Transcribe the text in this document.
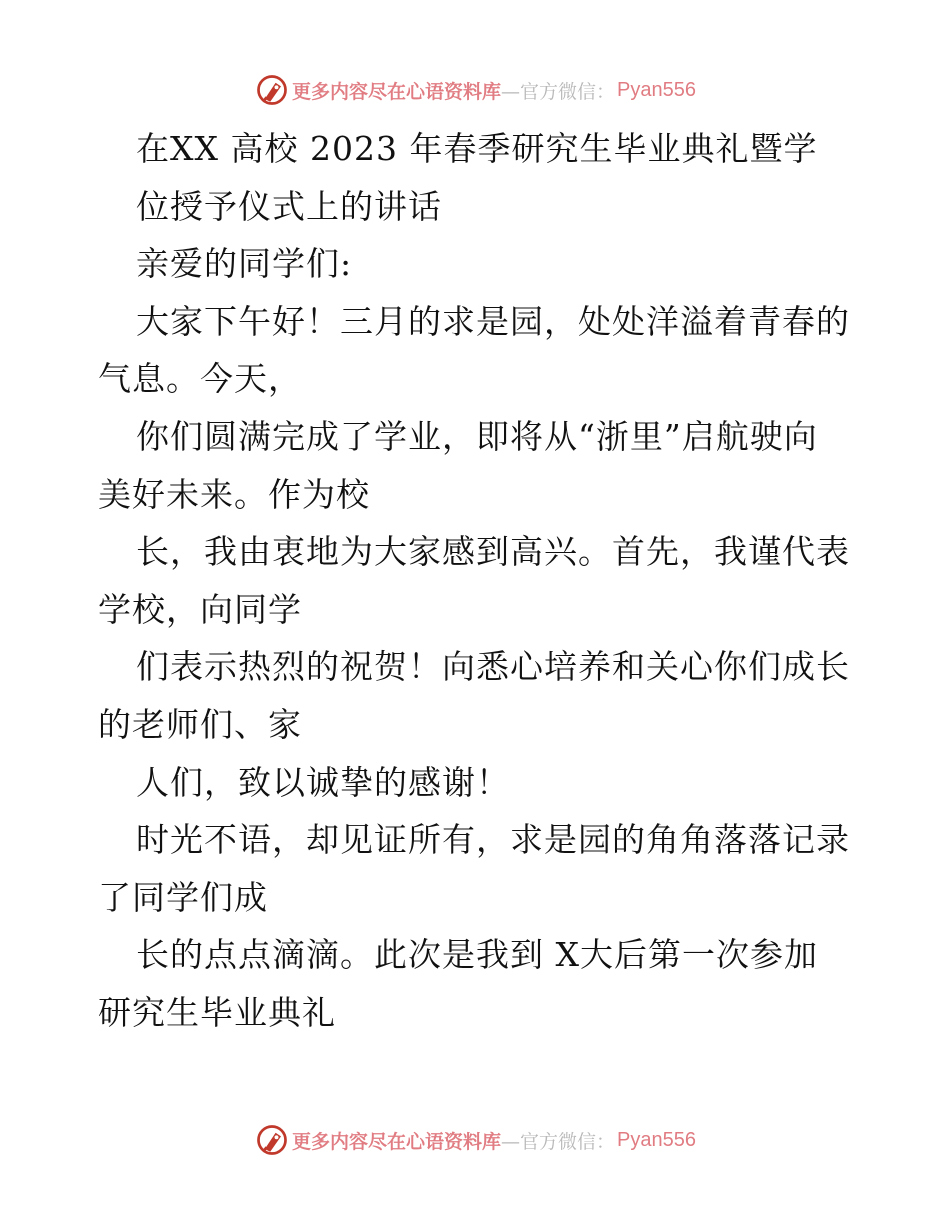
更多内容尽在心语资料库 —官方微信： Pyan556
在XX 高校 2023 年春季研究生毕业典礼暨学
位授予仪式上的讲话
亲爱的同学们:
大家下午好！三月的求是园，处处洋溢着青春的
气息。今天，
你们圆满完成了学业，即将从“浙里”启航驶向
美好未来。作为校
长，我由衷地为大家感到高兴。首先，我谨代表
学校，向同学
们表示热烈的祝贺！向悉心培养和关心你们成长
的老师们、家
人们，致以诚挚的感谢！
时光不语，却见证所有，求是园的角角落落记录
了同学们成
长的点点滴滴。此次是我到 X大后第一次参加
研究生毕业典礼
更多内容尽在心语资料库 —官方微信： Pyan556
